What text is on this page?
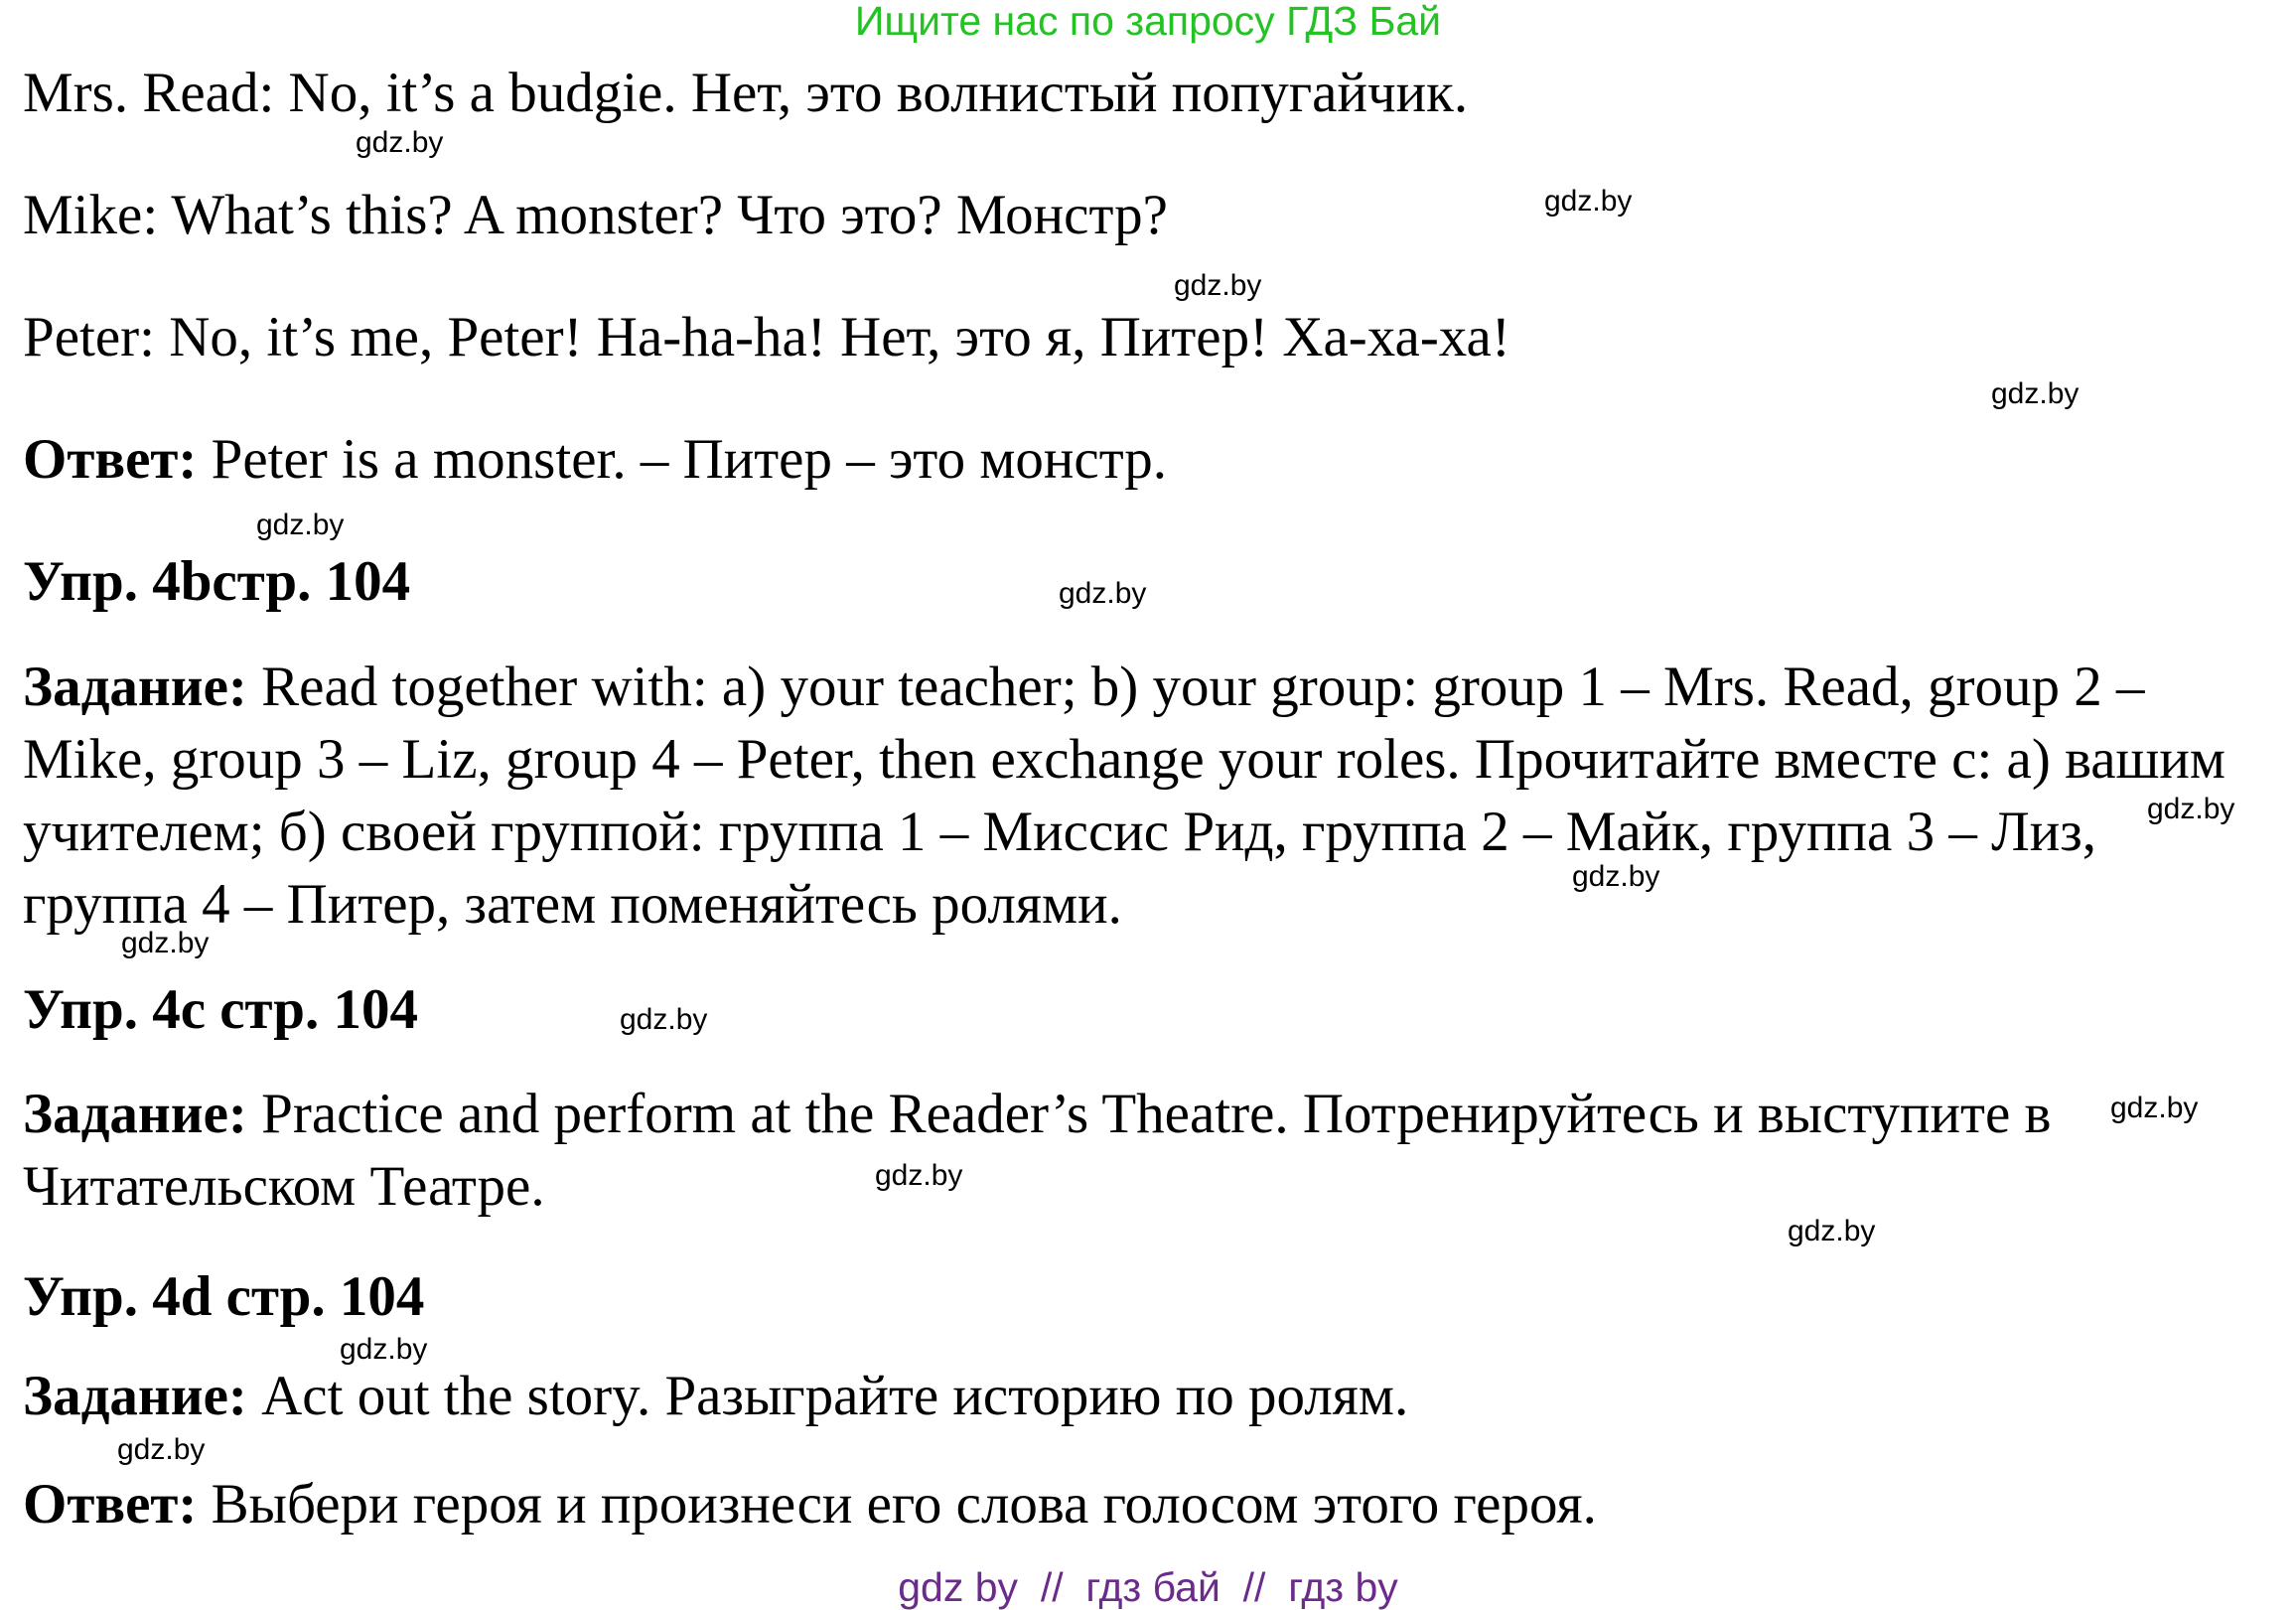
Ищите нас по запросу ГДЗ Бай
Mrs. Read: No, it’s a budgie. Нет, это волнистый попугайчик.
Mike: What’s this? A monster? Что это? Монстр?
Peter: No, it’s me, Peter! Ha-ha-ha! Нет, это я, Питер! Ха-ха-ха!
Ответ: Peter is a monster. – Питер – это монстр.
Упр. 4bстр. 104
Задание: Read together with: a) your teacher; b) your group: group 1 – Mrs. Read, group 2 –
Mike, group 3 – Liz, group 4 – Peter, then exchange your roles. Прочитайте вместе с: а) вашим
учителем; б) своей группой: группа 1 – Миссис Рид, группа 2 – Майк, группа 3 – Лиз,
группа 4 – Питер, затем поменяйтесь ролями.
Упр. 4c стр. 104
Задание: Practice and perform at the Reader’s Theatre. Потренируйтесь и выступите в
Читательском Театре.
Упр. 4d стр. 104
Задание: Act out the story. Разыграйте историю по ролям.
Ответ: Выбери героя и произнеси его слова голосом этого героя.
gdz.by
gdz.by
gdz.by
gdz.by
gdz.by
gdz.by
gdz.by
gdz.by
gdz.by
gdz.by
gdz.by
gdz.by
gdz.by
gdz.by
gdz.by
gdz by  //  гдз бай  //  гдз by
